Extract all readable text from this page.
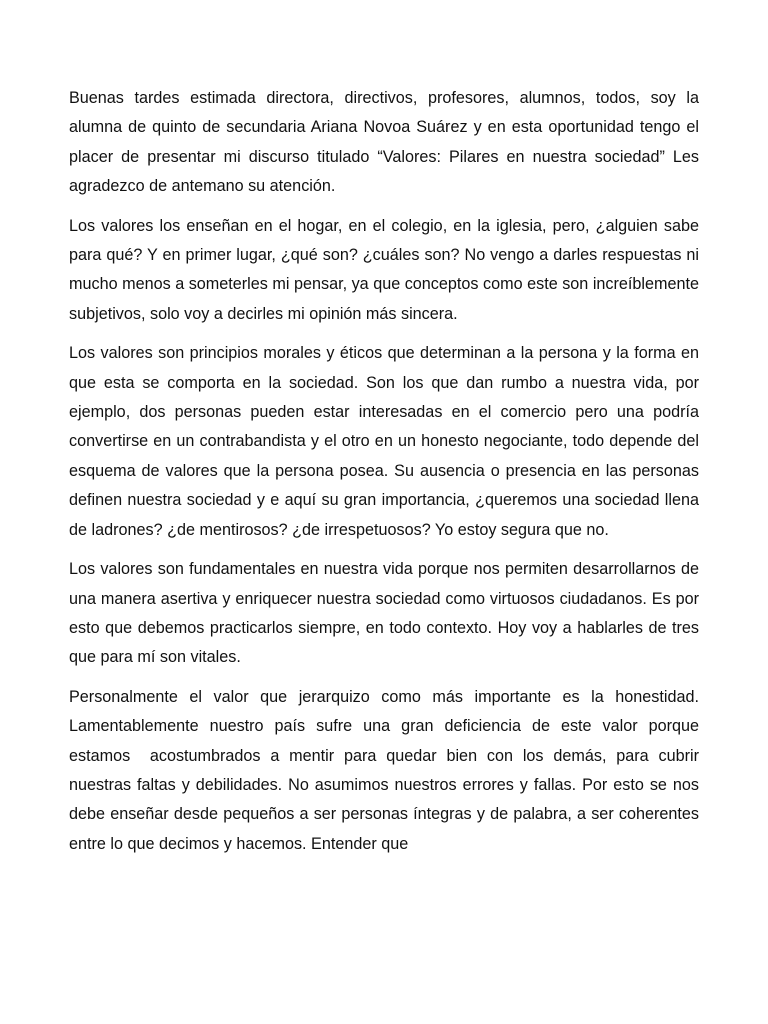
Buenas tardes estimada directora, directivos, profesores, alumnos, todos, soy la alumna de quinto de secundaria Ariana Novoa Suárez y en esta oportunidad tengo el placer de presentar mi discurso titulado “Valores: Pilares en nuestra sociedad” Les agradezco de antemano su atención.

Los valores los enseñan en el hogar, en el colegio, en la iglesia, pero, ¿alguien sabe para qué? Y en primer lugar, ¿qué son? ¿cuáles son? No vengo a darles respuestas ni mucho menos a someterles mi pensar, ya que conceptos como este son increíblemente subjetivos, solo voy a decirles mi opinión más sincera.

Los valores son principios morales y éticos que determinan a la persona y la forma en que esta se comporta en la sociedad. Son los que dan rumbo a nuestra vida, por ejemplo, dos personas pueden estar interesadas en el comercio pero una podría convertirse en un contrabandista y el otro en un honesto negociante, todo depende del esquema de valores que la persona posea. Su ausencia o presencia en las personas definen nuestra sociedad y e aquí su gran importancia, ¿queremos una sociedad llena de ladrones? ¿de mentirosos? ¿de irrespetuosos? Yo estoy segura que no.

Los valores son fundamentales en nuestra vida porque nos permiten desarrollarnos de una manera asertiva y enriquecer nuestra sociedad como virtuosos ciudadanos. Es por esto que debemos practicarlos siempre, en todo contexto. Hoy voy a hablarles de tres que para mí son vitales.

Personalmente el valor que jerarquizo como más importante es la honestidad. Lamentablemente nuestro país sufre una gran deficiencia de este valor porque estamos  acostumbrados a mentir para quedar bien con los demás, para cubrir nuestras faltas y debilidades. No asumimos nuestros errores y fallas. Por esto se nos debe enseñar desde pequeños a ser personas íntegras y de palabra, a ser coherentes entre lo que decimos y hacemos. Entender que
